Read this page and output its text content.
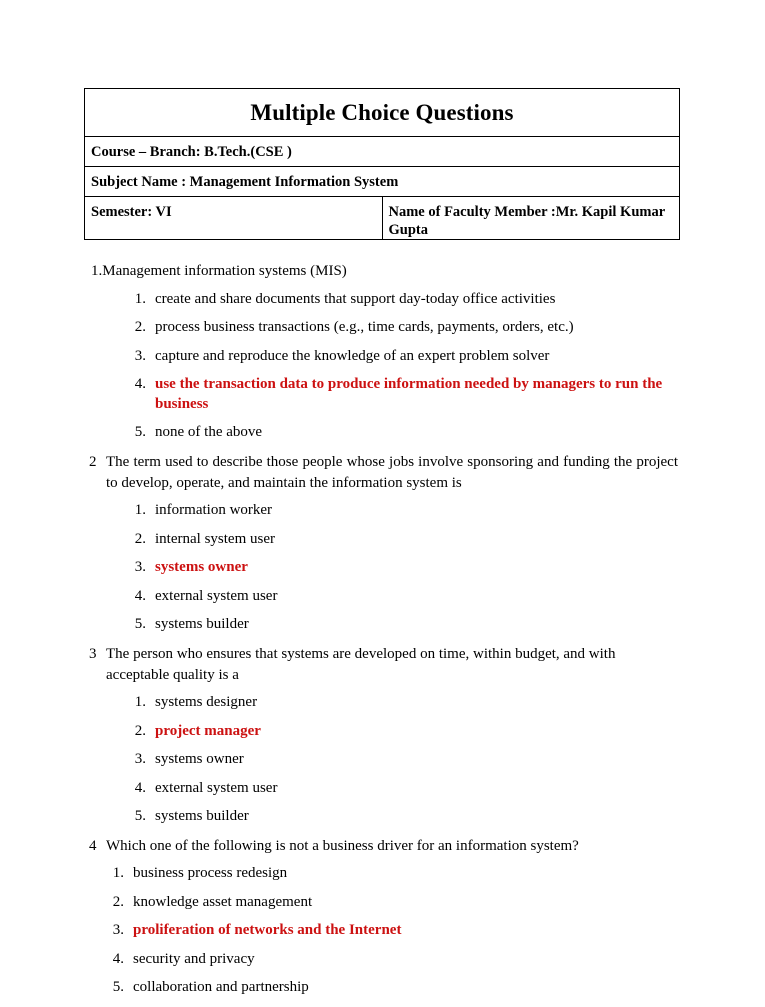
Multiple Choice Questions

Course – Branch: B.Tech.(CSE )
Subject Name : Management Information System
Semester: VI	Name of Faculty Member :Mr. Kapil Kumar Gupta

1.Management information systems (MIS)

1. create and share documents that support day-today office activities
2. process business transactions (e.g., time cards, payments, orders, etc.)
3. capture and reproduce the knowledge of an expert problem solver
4. use the transaction data to produce information needed by managers to run the business
5. none of the above

2 The term used to describe those people whose jobs involve sponsoring and funding the project to develop, operate, and maintain the information system is

1. information worker
2. internal system user
3. systems owner
4. external system user
5. systems builder

3 The person who ensures that systems are developed on time, within budget, and with acceptable quality is a

1. systems designer
2. project manager
3. systems owner
4. external system user
5. systems builder

4 Which one of the following is not a business driver for an information system?

1. business process redesign
2. knowledge asset management
3. proliferation of networks and the Internet
4. security and privacy
5. collaboration and partnership
